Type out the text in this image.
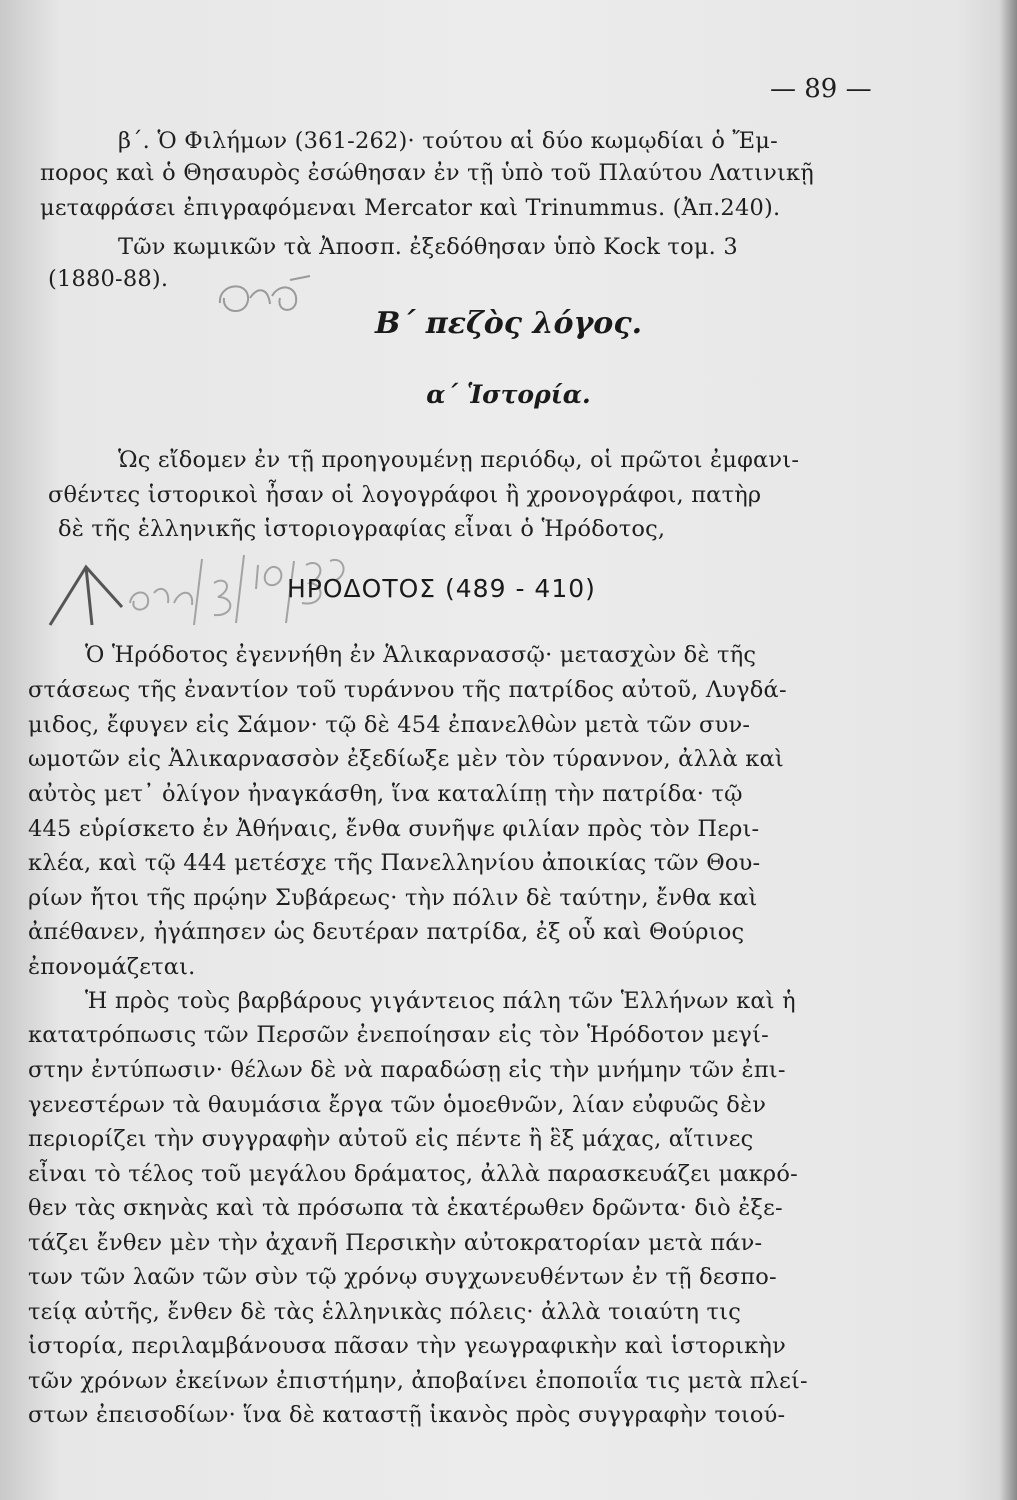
— 89 —
β΄. Ὁ Φιλήμων (361-262)· τούτου αἱ δύο κωμῳδίαι ὁ Ἔμ-
πορος καὶ ὁ Θησαυρὸς ἐσώθησαν ἐν τῇ ὑπὸ τοῦ Πλαύτου Λατινικῇ
μεταφράσει ἐπιγραφόμεναι Mercator καὶ Trinummus. (Ἀπ.240).
Τῶν κωμικῶν τὰ Ἀποσπ. ἐξεδόθησαν ὑπὸ Kock τομ. 3
(1880-88).
Β΄ πεζὸς λόγος.
α΄ Ἱστορία.
Ὡς εἴδομεν ἐν τῇ προηγουμένῃ περιόδῳ, οἱ πρῶτοι ἐμφανι-
σθέντες ἱστορικοὶ ἦσαν οἱ λογογράφοι ἢ χρονογράφοι, πατὴρ
δὲ τῆς ἑλληνικῆς ἱστοριογραφίας εἶναι ὁ Ἡρόδοτος,
ΗΡΟΔΟΤΟΣ (489 - 410)
Ὁ Ἡρόδοτος ἐγεννήθη ἐν Ἁλικαρνασσῷ· μετασχὼν δὲ τῆς
στάσεως τῆς ἐναντίον τοῦ τυράννου τῆς πατρίδος αὐτοῦ, Λυγδά-
μιδος, ἔφυγεν εἰς Σάμον· τῷ δὲ 454 ἐπανελθὼν μετὰ τῶν συν-
ωμοτῶν εἰς Ἁλικαρνασσὸν ἐξεδίωξε μὲν τὸν τύραννον, ἀλλὰ καὶ
αὐτὸς μετ᾽ ὀλίγον ἠναγκάσθη, ἵνα καταλίπῃ τὴν πατρίδα· τῷ
445 εὑρίσκετο ἐν Ἀθήναις, ἔνθα συνῆψε φιλίαν πρὸς τὸν Περι-
κλέα, καὶ τῷ 444 μετέσχε τῆς Πανελληνίου ἀποικίας τῶν Θου-
ρίων ἤτοι τῆς πρῴην Συβάρεως· τὴν πόλιν δὲ ταύτην, ἔνθα καὶ
ἀπέθανεν, ἠγάπησεν ὡς δευτέραν πατρίδα, ἐξ οὗ καὶ Θούριος
ἐπονομάζεται.
Ἡ πρὸς τοὺς βαρβάρους γιγάντειος πάλη τῶν Ἑλλήνων καὶ ἡ
κατατρόπωσις τῶν Περσῶν ἐνεποίησαν εἰς τὸν Ἡρόδοτον μεγί-
στην ἐντύπωσιν· θέλων δὲ νὰ παραδώσῃ εἰς τὴν μνήμην τῶν ἐπι-
γενεστέρων τὰ θαυμάσια ἔργα τῶν ὁμοεθνῶν, λίαν εὐφυῶς δὲν
περιορίζει τὴν συγγραφὴν αὐτοῦ εἰς πέντε ἢ ἓξ μάχας, αἵτινες
εἶναι τὸ τέλος τοῦ μεγάλου δράματος, ἀλλὰ παρασκευάζει μακρό-
θεν τὰς σκηνὰς καὶ τὰ πρόσωπα τὰ ἑκατέρωθεν δρῶντα· διὸ ἐξε-
τάζει ἔνθεν μὲν τὴν ἀχανῆ Περσικὴν αὐτοκρατορίαν μετὰ πάν-
των τῶν λαῶν τῶν σὺν τῷ χρόνῳ συγχωνευθέντων ἐν τῇ δεσπο-
τείᾳ αὐτῆς, ἔνθεν δὲ τὰς ἑλληνικὰς πόλεις· ἀλλὰ τοιαύτη τις
ἱστορία, περιλαμβάνουσα πᾶσαν τὴν γεωγραφικὴν καὶ ἱστορικὴν
τῶν χρόνων ἐκείνων ἐπιστήμην, ἀποβαίνει ἐποποιΐα τις μετὰ πλεί-
στων ἐπεισοδίων· ἵνα δὲ καταστῇ ἱκανὸς πρὸς συγγραφὴν τοιού-
